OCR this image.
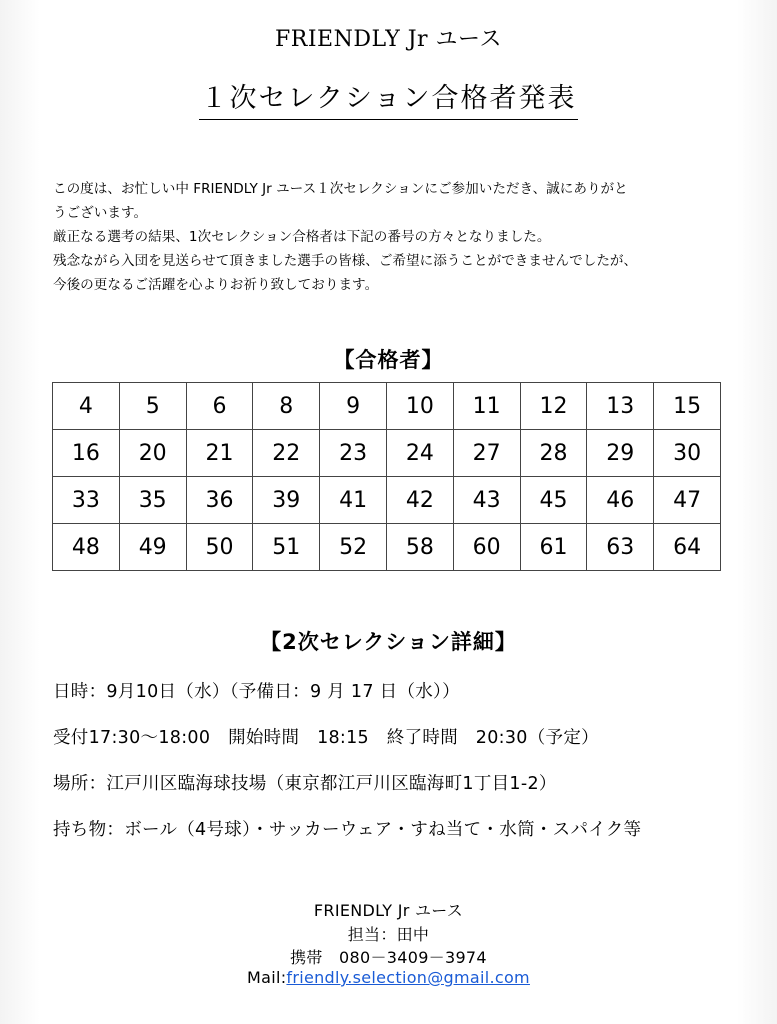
FRIENDLY Jr ユース
１次セレクション合格者発表

この度は、お忙しい中 FRIENDLY Jr ユース１次セレクションにご参加いただき、誠にありがと

うございます。

厳正なる選考の結果、1次セレクション合格者は下記の番号の方々となりました。

残念ながら入団を見送らせて頂きました選手の皆様、ご希望に添うことができませんでしたが、

今後の更なるご活躍を心よりお祈り致しております。

【合格者】
4	5	6	8	9	10	11	12	13	15
16	20	21	22	23	24	27	28	29	30
33	35	36	39	41	42	43	45	46	47
48	49	50	51	52	58	60	61	63	64
【2次セレクション詳細】
日時：9月10日（水）（予備日：9 月 17 日（水））
受付17:30～18:00　開始時間　18:15　終了時間　20:30（予定）
場所：江戸川区臨海球技場（東京都江戸川区臨海町1丁目1-2）
持ち物：ボール（4号球）・サッカーウェア・すね当て・水筒・スパイク等
FRIENDLY Jr ユース
担当：田中
携帯　080－3409－3974
Mail:friendly.selection@gmail.com
